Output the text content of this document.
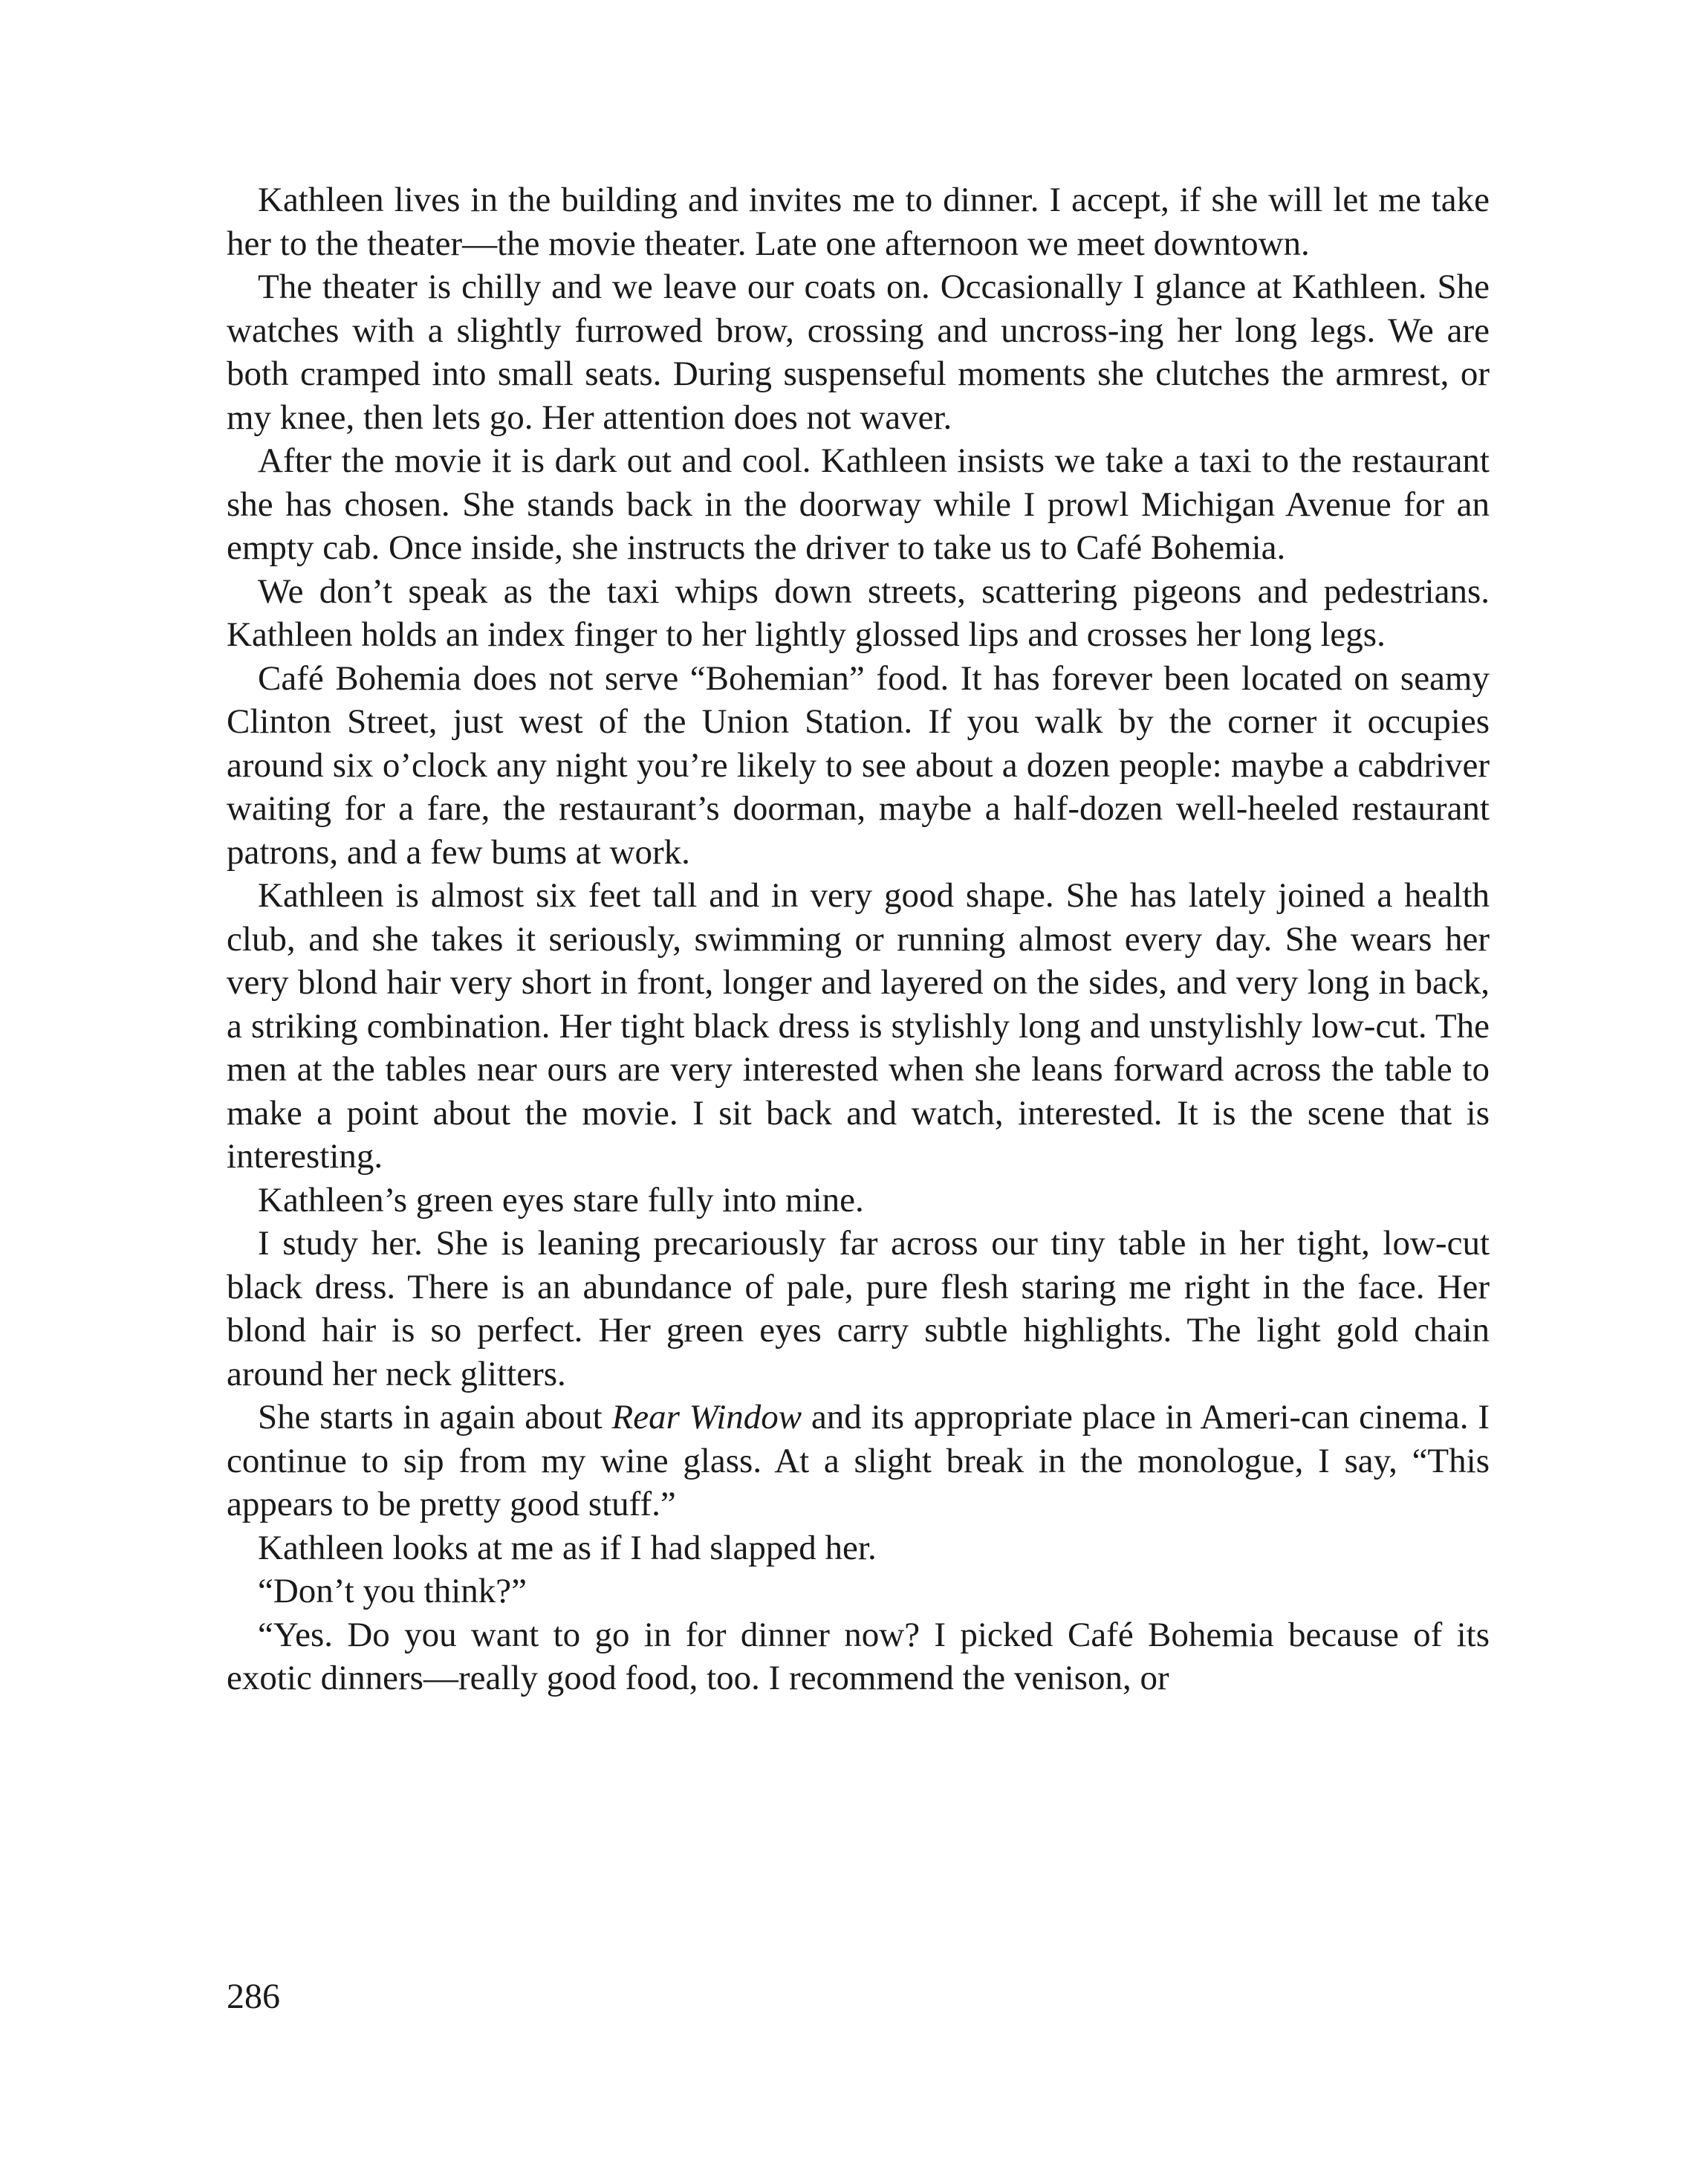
Kathleen lives in the building and invites me to dinner. I accept, if she will let me take her to the theater—the movie theater. Late one afternoon we meet downtown.

The theater is chilly and we leave our coats on. Occasionally I glance at Kathleen. She watches with a slightly furrowed brow, crossing and uncross-ing her long legs. We are both cramped into small seats. During suspenseful moments she clutches the armrest, or my knee, then lets go. Her attention does not waver.

After the movie it is dark out and cool. Kathleen insists we take a taxi to the restaurant she has chosen. She stands back in the doorway while I prowl Michigan Avenue for an empty cab. Once inside, she instructs the driver to take us to Café Bohemia.

We don’t speak as the taxi whips down streets, scattering pigeons and pedestrians. Kathleen holds an index finger to her lightly glossed lips and crosses her long legs.

Café Bohemia does not serve “Bohemian” food. It has forever been located on seamy Clinton Street, just west of the Union Station. If you walk by the corner it occupies around six o’clock any night you’re likely to see about a dozen people: maybe a cabdriver waiting for a fare, the restaurant’s doorman, maybe a half-dozen well-heeled restaurant patrons, and a few bums at work.

Kathleen is almost six feet tall and in very good shape. She has lately joined a health club, and she takes it seriously, swimming or running almost every day. She wears her very blond hair very short in front, longer and layered on the sides, and very long in back, a striking combination. Her tight black dress is stylishly long and unstylishly low-cut. The men at the tables near ours are very interested when she leans forward across the table to make a point about the movie. I sit back and watch, interested. It is the scene that is interesting.

Kathleen’s green eyes stare fully into mine.

I study her. She is leaning precariously far across our tiny table in her tight, low-cut black dress. There is an abundance of pale, pure flesh staring me right in the face. Her blond hair is so perfect. Her green eyes carry subtle highlights. The light gold chain around her neck glitters.

She starts in again about Rear Window and its appropriate place in Ameri-can cinema. I continue to sip from my wine glass. At a slight break in the monologue, I say, “This appears to be pretty good stuff.”

Kathleen looks at me as if I had slapped her.

“Don’t you think?”

“Yes. Do you want to go in for dinner now? I picked Café Bohemia because of its exotic dinners—really good food, too. I recommend the venison, or

286
